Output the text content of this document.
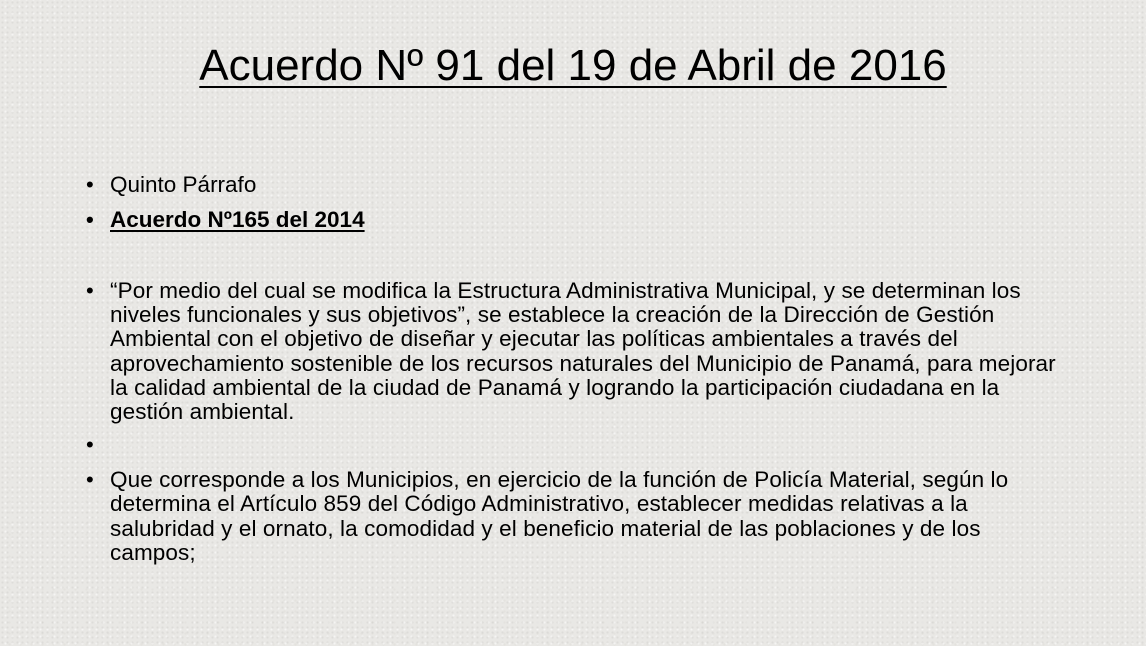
Acuerdo Nº 91 del 19 de Abril de 2016
• Quinto Párrafo
• Acuerdo Nº165 del 2014
• “Por medio del cual se modifica la Estructura Administrativa Municipal, y se determinan los niveles funcionales y sus objetivos”, se establece la creación de la Dirección de Gestión Ambiental con el objetivo de diseñar y ejecutar las políticas ambientales a través del aprovechamiento sostenible de los recursos naturales del Municipio de Panamá, para mejorar la calidad ambiental de la ciudad de Panamá y logrando la participación ciudadana en la gestión ambiental.
•
• Que corresponde a los Municipios, en ejercicio de la función de Policía Material, según lo determina el Artículo 859 del Código Administrativo, establecer medidas relativas a la salubridad y el ornato, la comodidad y el beneficio material de las poblaciones y de los campos;
